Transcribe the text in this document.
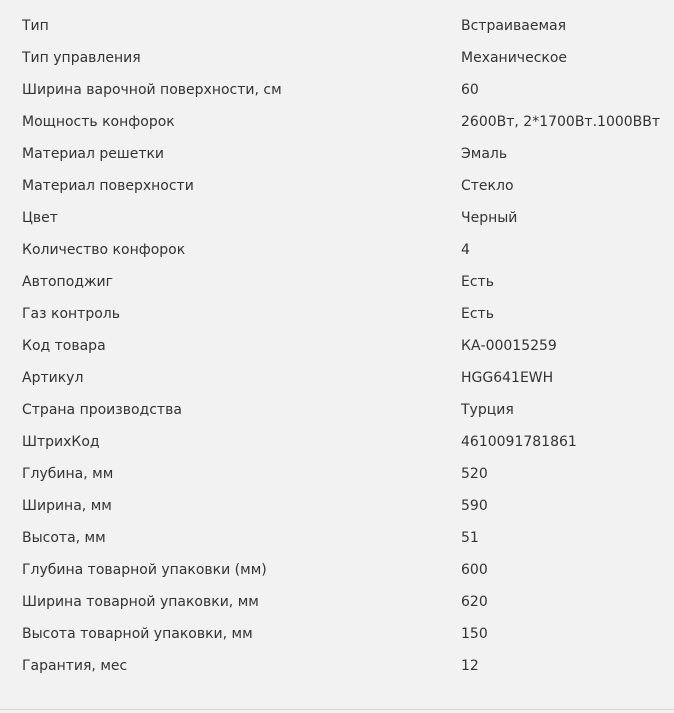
Тип	Встраиваемая
Тип управления	Механическое
Ширина варочной поверхности, см	60
Мощность конфорок	2600Вт, 2*1700Вт.1000ВВт
Материал решетки	Эмаль
Материал поверхности	Стекло
Цвет	Черный
Количество конфорок	4
Автоподжиг	Есть
Газ контроль	Есть
Код товара	КА-00015259
Артикул	HGG641EWH
Страна производства	Турция
ШтрихКод	4610091781861
Глубина, мм	520
Ширина, мм	590
Высота, мм	51
Глубина товарной упаковки (мм)	600
Ширина товарной упаковки, мм	620
Высота товарной упаковки, мм	150
Гарантия, мес	12
